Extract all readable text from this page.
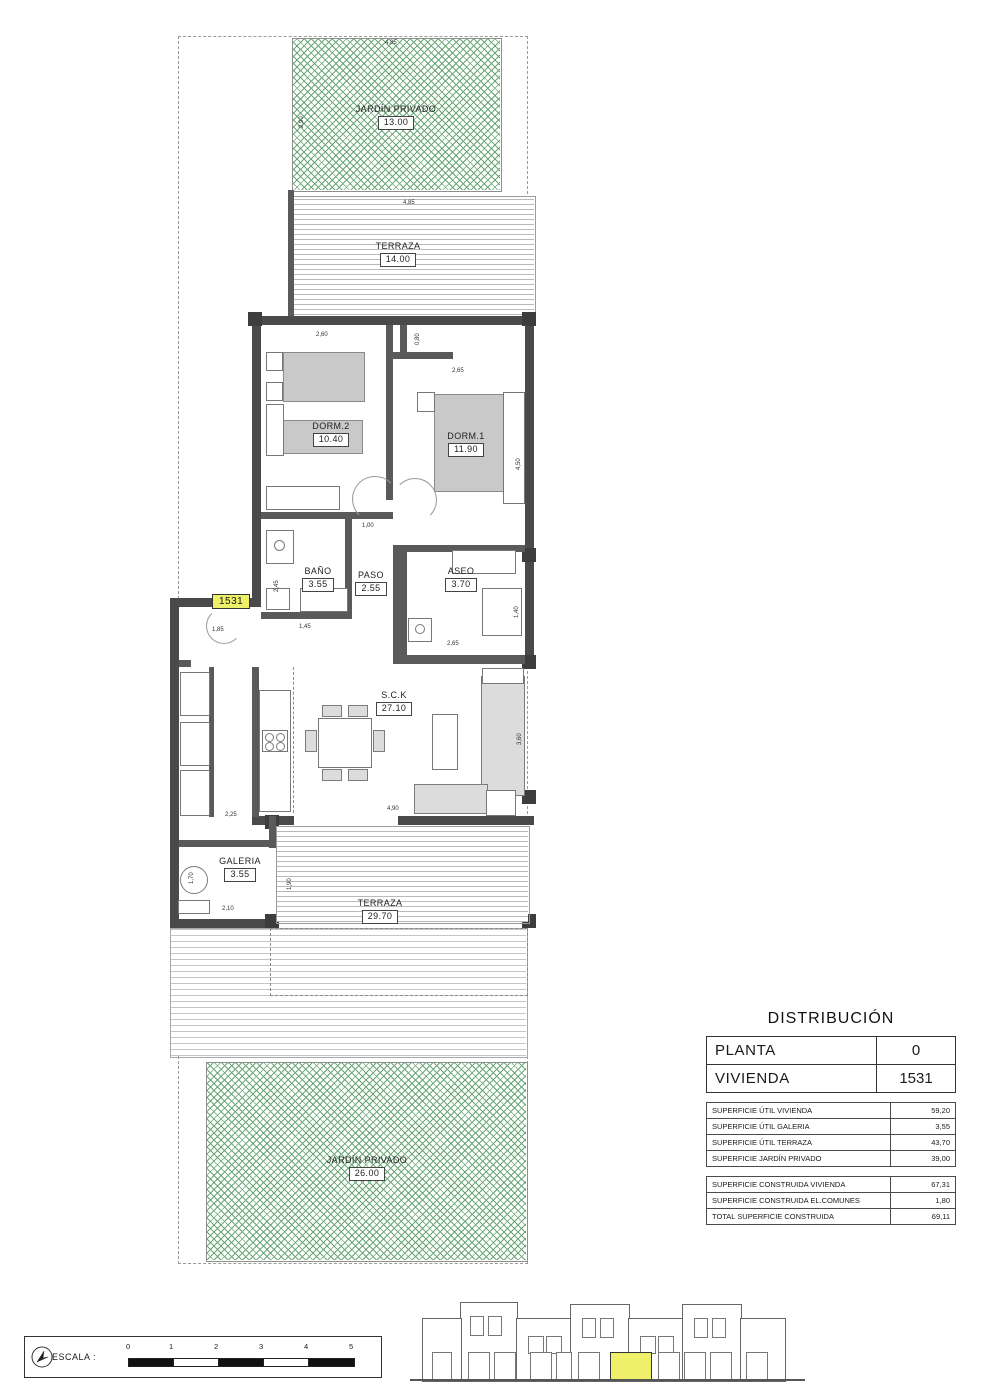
JARDÍN PRIVADO
13.00
4,85
2,90
4,85
TERRAZA
14.00
1531
DORM.2
10.40
2,60	0,80
2,65
DORM.1
11.90
4,50
BAÑO
3.55
2,45
1,45
PASO
2.55
1,00
1,85
ASEO
3.70
1,40
2,65
S.C.K
27.10
3,60
4,90
GALERIA
3.55
2,25
1,70
2,10
TERRAZA
29.70
1,90
JARDÍN PRIVADO
26.00
DISTRIBUCIÓN
PLANTA	0
VIVIENDA	1531
SUPERFICIE ÚTIL VIVIENDA	59,20
SUPERFICIE ÚTIL GALERIA	3,55
SUPERFICIE ÚTIL TERRAZA	43,70
SUPERFICIE JARDÍN PRIVADO	39,00
SUPERFICIE CONSTRUIDA VIVIENDA	67,31
SUPERFICIE CONSTRUIDA EL.COMUNES	1,80
TOTAL SUPERFICIE CONSTRUIDA	69,11
ESCALA :
0	1	2	3	4	5
